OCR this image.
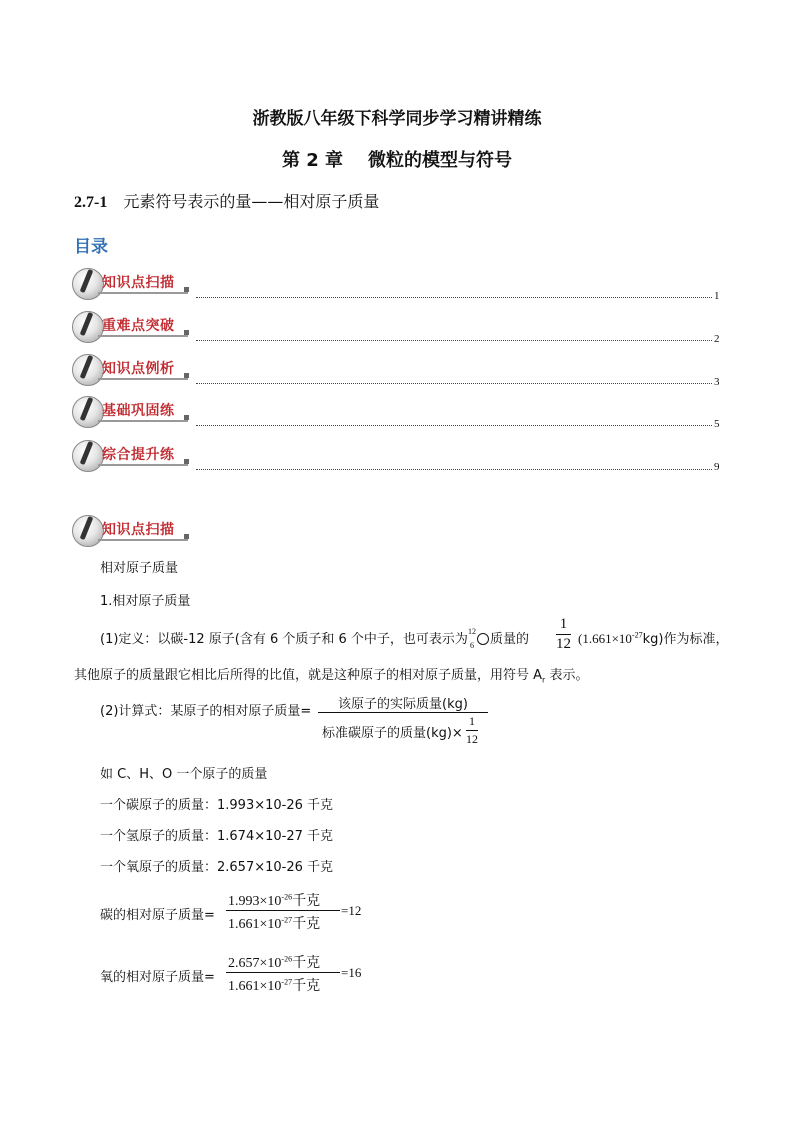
浙教版八年级下科学同步学习精讲精练
第 2 章    微粒的模型与符号
2.7-1 元素符号表示的量——相对原子质量
目录
知识点扫描
1
重难点突破
2
知识点例析
3
基础巩固练
5
综合提升练
9
知识点扫描
相对原子质量
1.相对原子质量
(1)定义：以碳-12 原子(含有 6 个质子和 6 个中子，也可表示为
12
6 质量的
1
12 $(1.661\times 10^{-27}kg)$作为标准，
其他原子的质量跟它相比后所得的比值，就是这种原子的相对原子质量，用符号 $A_r$ 表示。
(2)计算式：某原子的相对原子质量=	该原子的实际质量(kg)
标准碳原子的质量(kg)×
1
12
如 C、H、O 一个原子的质量
一个碳原子的质量：1.993×10-26 千克
一个氢原子的质量：1.674×10-27 千克
一个氧原子的质量：2.657×10-26 千克
碳的相对原子质量=
$1.993\times 10^{-26}$千克
$1.661\times 10^{-27}$千克
=12
氧的相对原子质量=
$2.657\times 10^{-26}$千克
$1.661\times 10^{-27}$千克
=16
